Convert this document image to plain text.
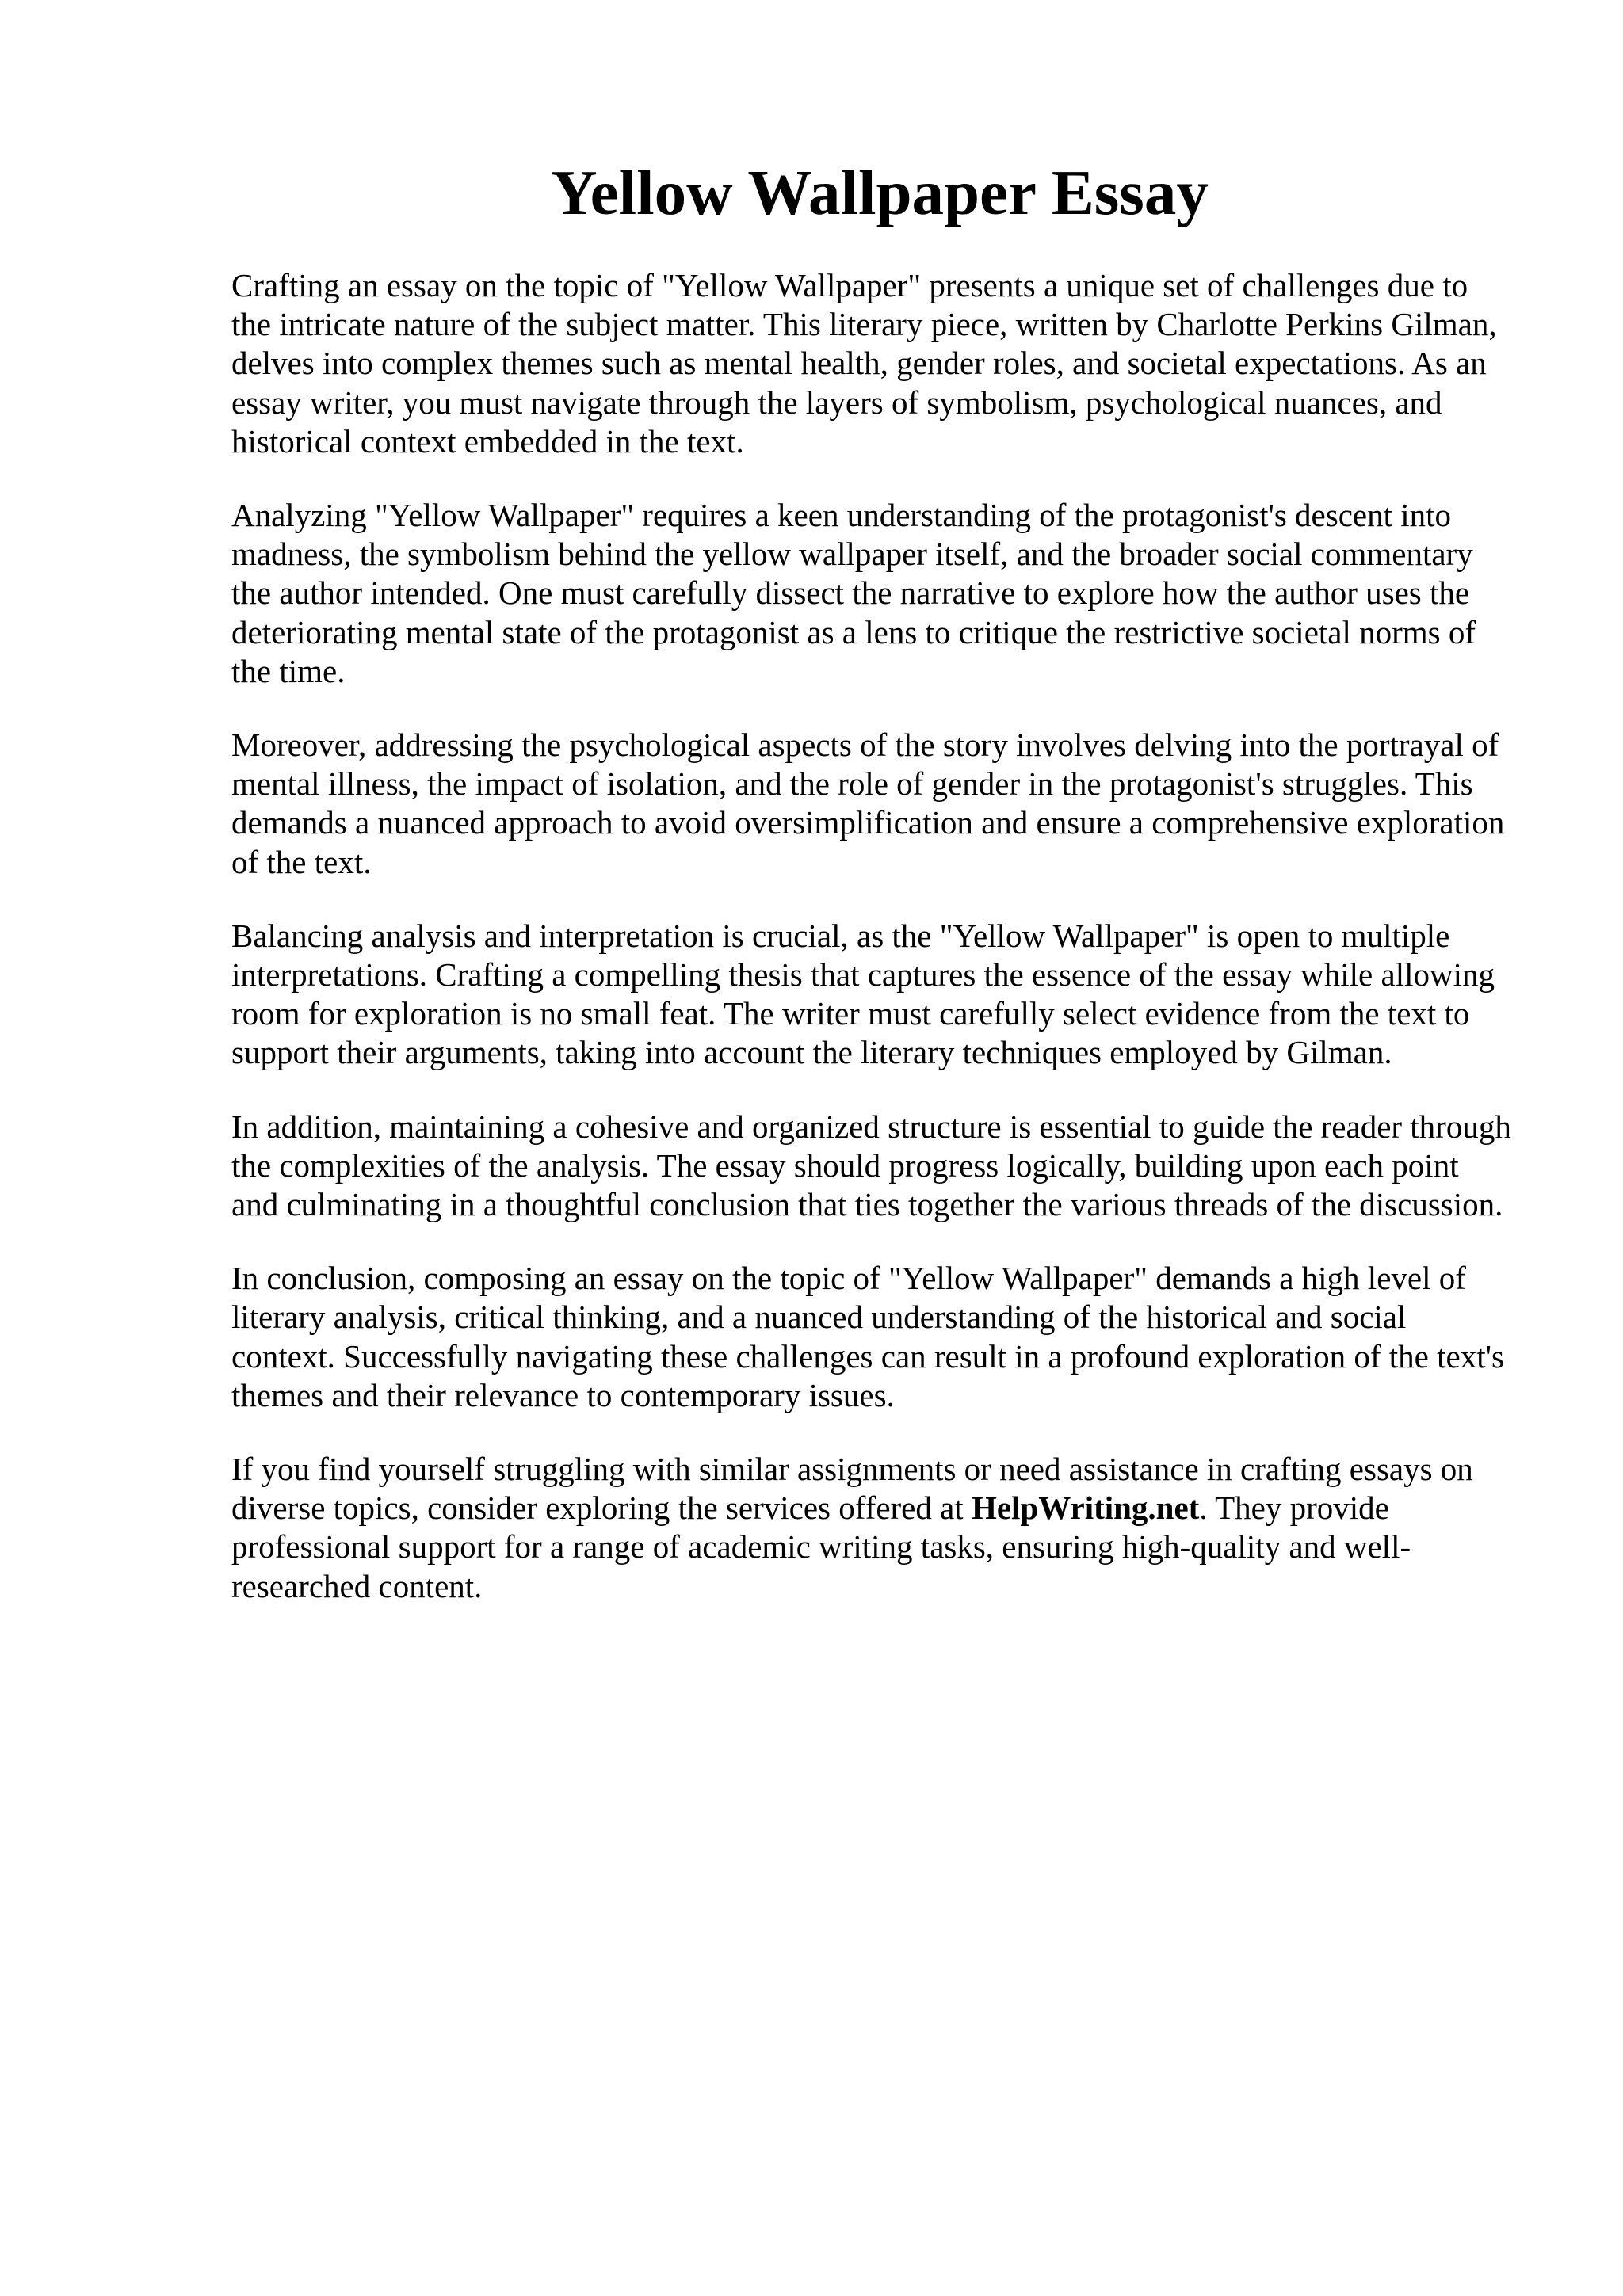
Yellow Wallpaper Essay

Crafting an essay on the topic of "Yellow Wallpaper" presents a unique set of challenges due to the intricate nature of the subject matter. This literary piece, written by Charlotte Perkins Gilman, delves into complex themes such as mental health, gender roles, and societal expectations. As an essay writer, you must navigate through the layers of symbolism, psychological nuances, and historical context embedded in the text.

Analyzing "Yellow Wallpaper" requires a keen understanding of the protagonist's descent into madness, the symbolism behind the yellow wallpaper itself, and the broader social commentary the author intended. One must carefully dissect the narrative to explore how the author uses the deteriorating mental state of the protagonist as a lens to critique the restrictive societal norms of the time.

Moreover, addressing the psychological aspects of the story involves delving into the portrayal of mental illness, the impact of isolation, and the role of gender in the protagonist's struggles. This demands a nuanced approach to avoid oversimplification and ensure a comprehensive exploration of the text.

Balancing analysis and interpretation is crucial, as the "Yellow Wallpaper" is open to multiple interpretations. Crafting a compelling thesis that captures the essence of the essay while allowing room for exploration is no small feat. The writer must carefully select evidence from the text to support their arguments, taking into account the literary techniques employed by Gilman.

In addition, maintaining a cohesive and organized structure is essential to guide the reader through the complexities of the analysis. The essay should progress logically, building upon each point and culminating in a thoughtful conclusion that ties together the various threads of the discussion.

In conclusion, composing an essay on the topic of "Yellow Wallpaper" demands a high level of literary analysis, critical thinking, and a nuanced understanding of the historical and social context. Successfully navigating these challenges can result in a profound exploration of the text's themes and their relevance to contemporary issues.

If you find yourself struggling with similar assignments or need assistance in crafting essays on diverse topics, consider exploring the services offered at HelpWriting.net. They provide professional support for a range of academic writing tasks, ensuring high-quality and well-researched content.
